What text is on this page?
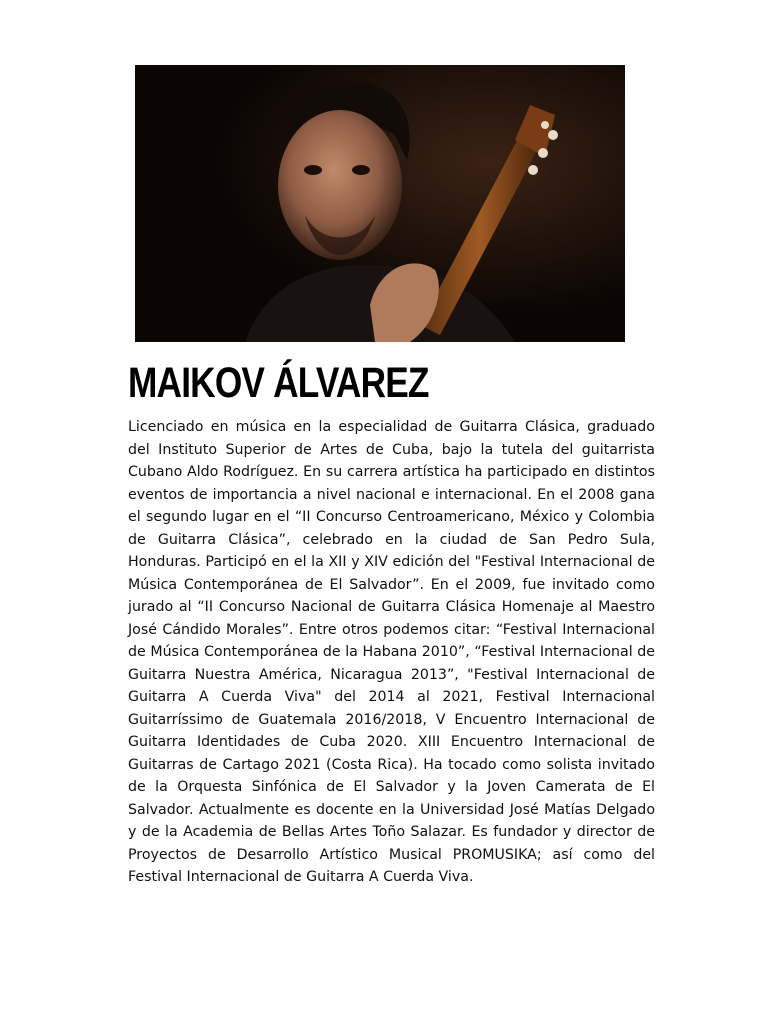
MAIKOV ÁLVAREZ

Licenciado en música en la especialidad de Guitarra Clásica, graduado del Instituto Superior de Artes de Cuba, bajo la tutela del guitarrista Cubano Aldo Rodríguez. En su carrera artística ha participado en distintos eventos de importancia a nivel nacional e internacional. En el 2008 gana el segundo lugar en el “II Concurso Centroamericano, México y Colombia de Guitarra Clásica”, celebrado en la ciudad de San Pedro Sula, Honduras. Participó en el la XII y XIV edición del "Festival Internacional de Música Contemporánea de El Salvador”. En el 2009, fue invitado como jurado al “II Concurso Nacional de Guitarra Clásica Homenaje al Maestro José Cándido Morales”. Entre otros podemos citar: “Festival Internacional de Música Contemporánea de la Habana 2010”, “Festival Internacional de Guitarra Nuestra América, Nicaragua 2013”, "Festival Internacional de Guitarra A Cuerda Viva" del 2014 al 2021, Festival Internacional Guitarríssimo de Guatemala 2016/2018, V Encuentro Internacional de Guitarra Identidades de Cuba 2020. XIII Encuentro Internacional de Guitarras de Cartago 2021 (Costa Rica). Ha tocado como solista invitado de la Orquesta Sinfónica de El Salvador y la Joven Camerata de El Salvador. Actualmente es docente en la Universidad José Matías Delgado y de la Academia de Bellas Artes Toño Salazar. Es fundador y director de Proyectos de Desarrollo Artístico Musical PROMUSIKA; así como del Festival Internacional de Guitarra A Cuerda Viva.
